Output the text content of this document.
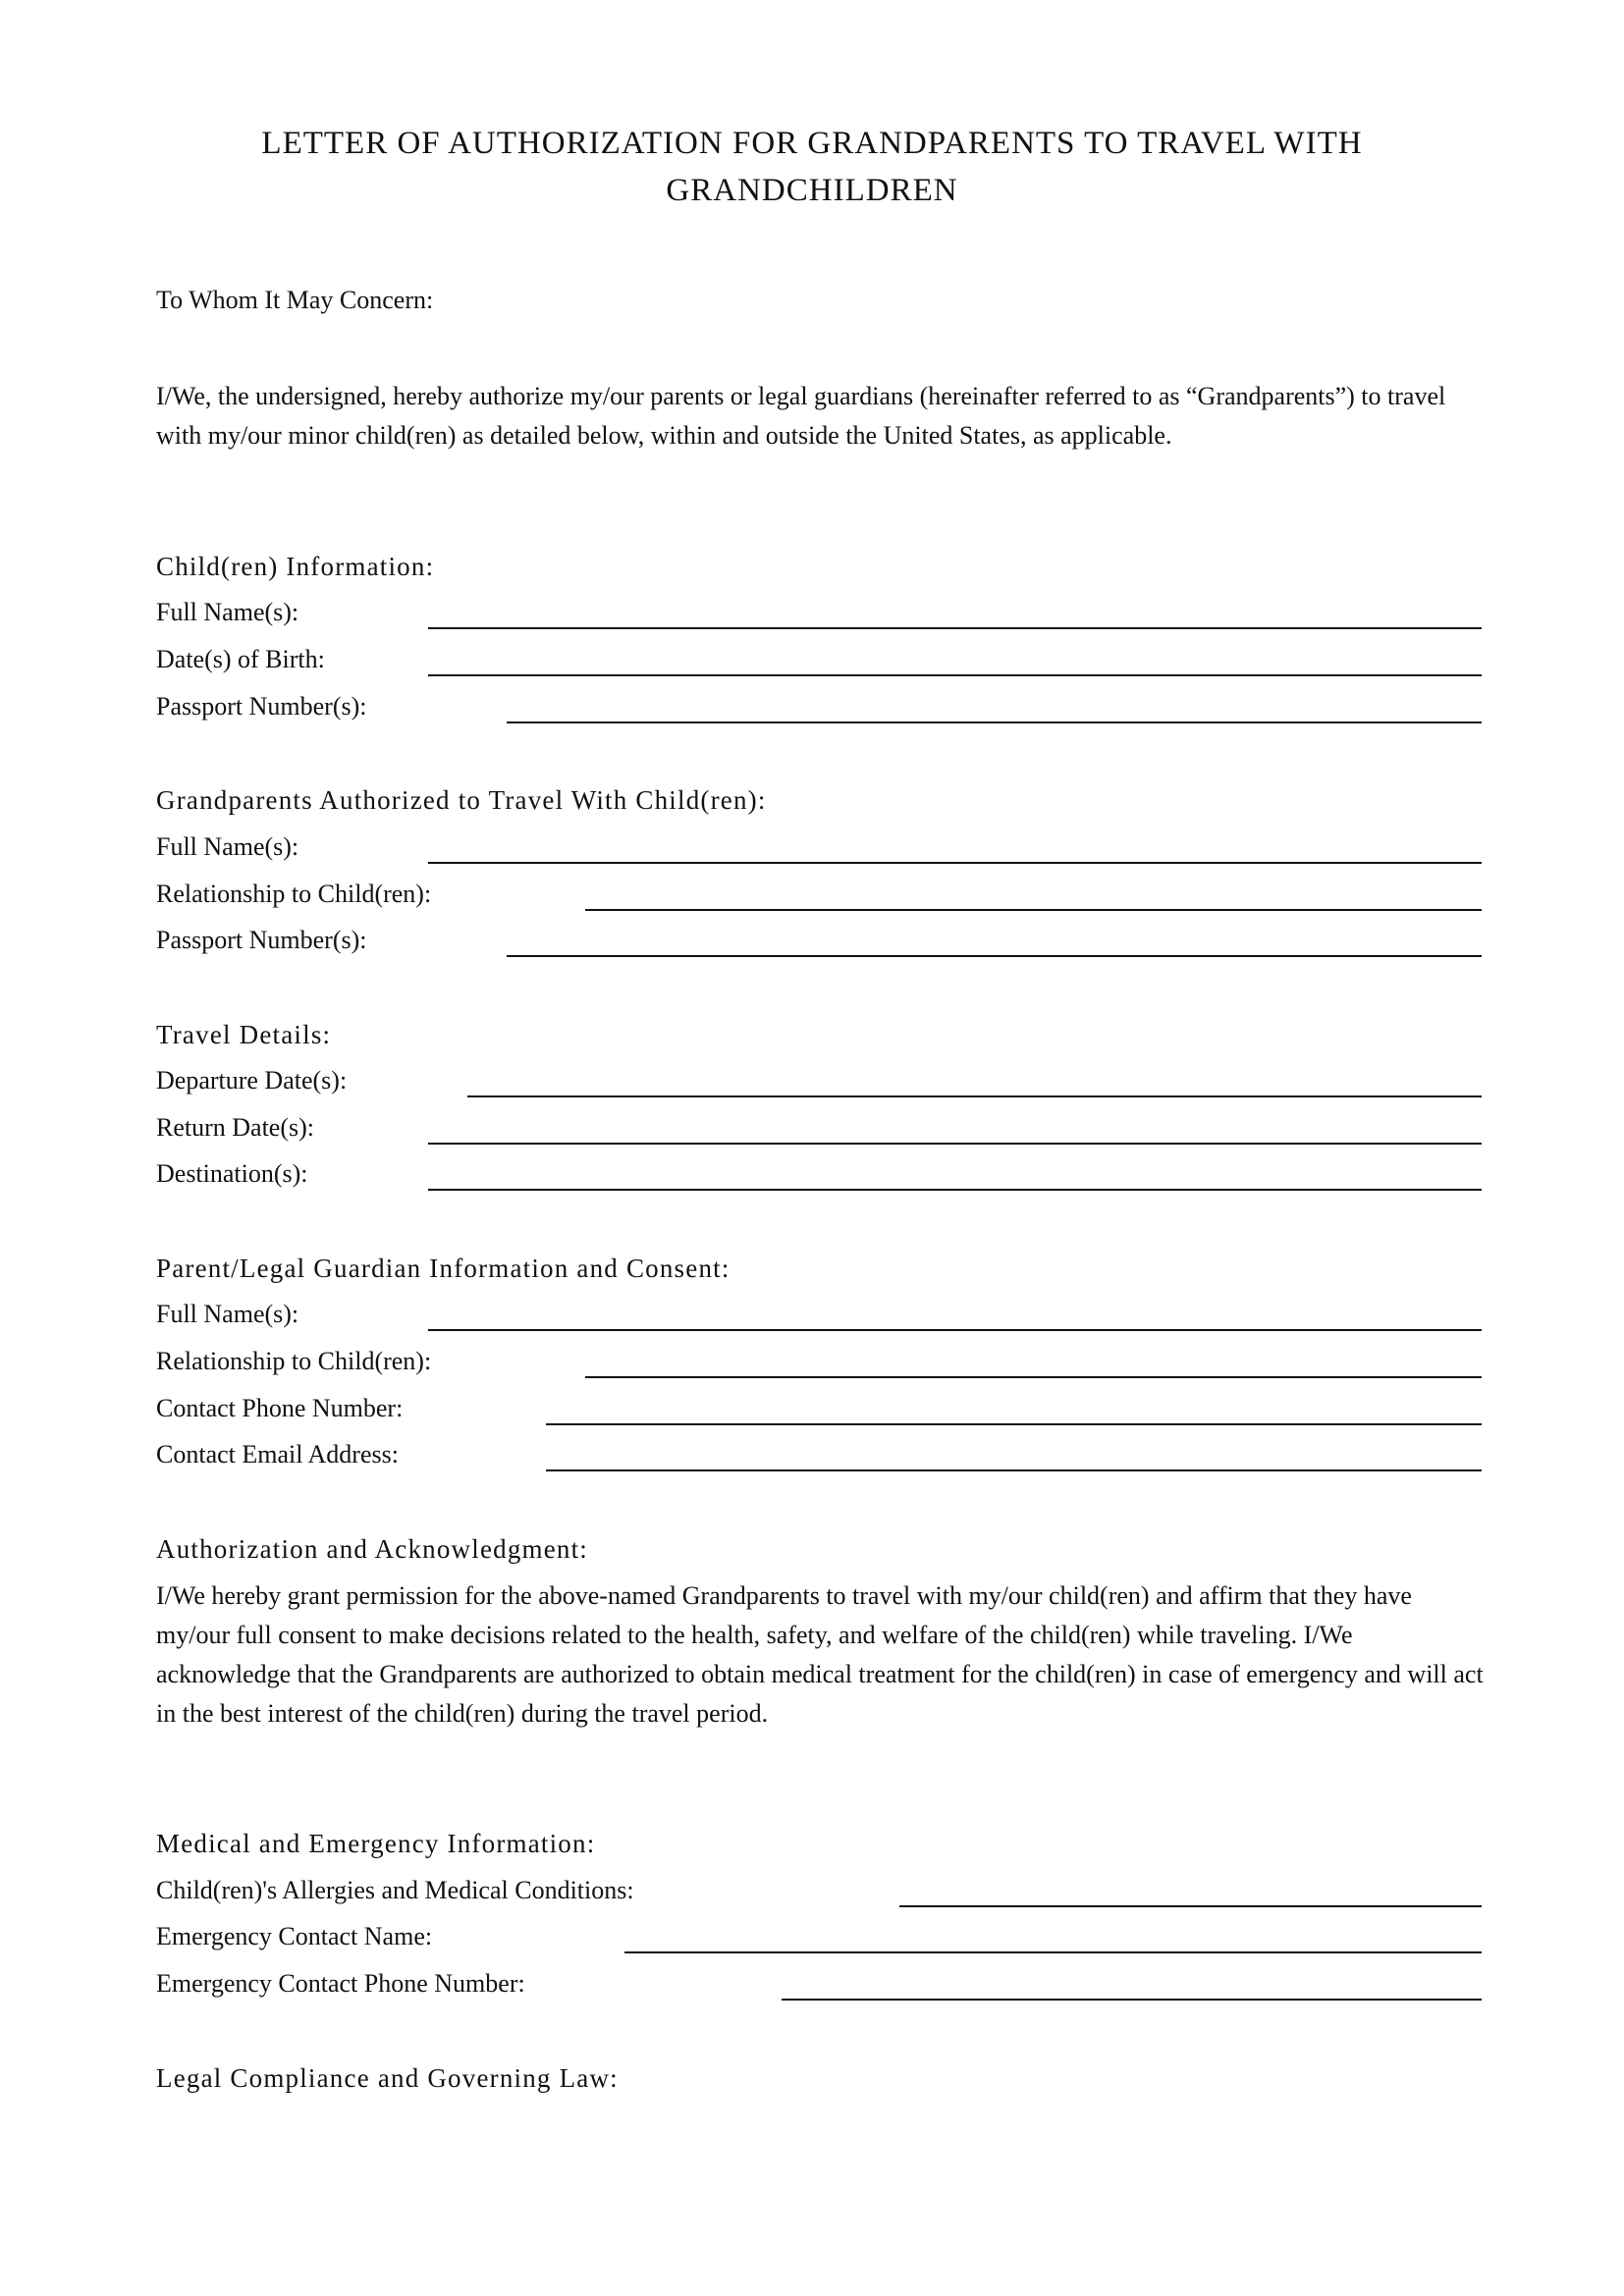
LETTER OF AUTHORIZATION FOR GRANDPARENTS TO TRAVEL WITH
GRANDCHILDREN
To Whom It May Concern:
I/We, the undersigned, hereby authorize my/our parents or legal guardians (hereinafter referred to as “Grandparents”) to travel with my/our minor child(ren) as detailed below, within and outside the United States, as applicable.
Child(ren) Information:
Full Name(s):
Date(s) of Birth:
Passport Number(s):
Grandparents Authorized to Travel With Child(ren):
Full Name(s):
Relationship to Child(ren):
Passport Number(s):
Travel Details:
Departure Date(s):
Return Date(s):
Destination(s):
Parent/Legal Guardian Information and Consent:
Full Name(s):
Relationship to Child(ren):
Contact Phone Number:
Contact Email Address:
Authorization and Acknowledgment:
I/We hereby grant permission for the above-named Grandparents to travel with my/our child(ren) and affirm that they have my/our full consent to make decisions related to the health, safety, and welfare of the child(ren) while traveling. I/We acknowledge that the Grandparents are authorized to obtain medical treatment for the child(ren) in case of emergency and will act in the best interest of the child(ren) during the travel period.
Medical and Emergency Information:
Child(ren)'s Allergies and Medical Conditions:
Emergency Contact Name:
Emergency Contact Phone Number:
Legal Compliance and Governing Law:
